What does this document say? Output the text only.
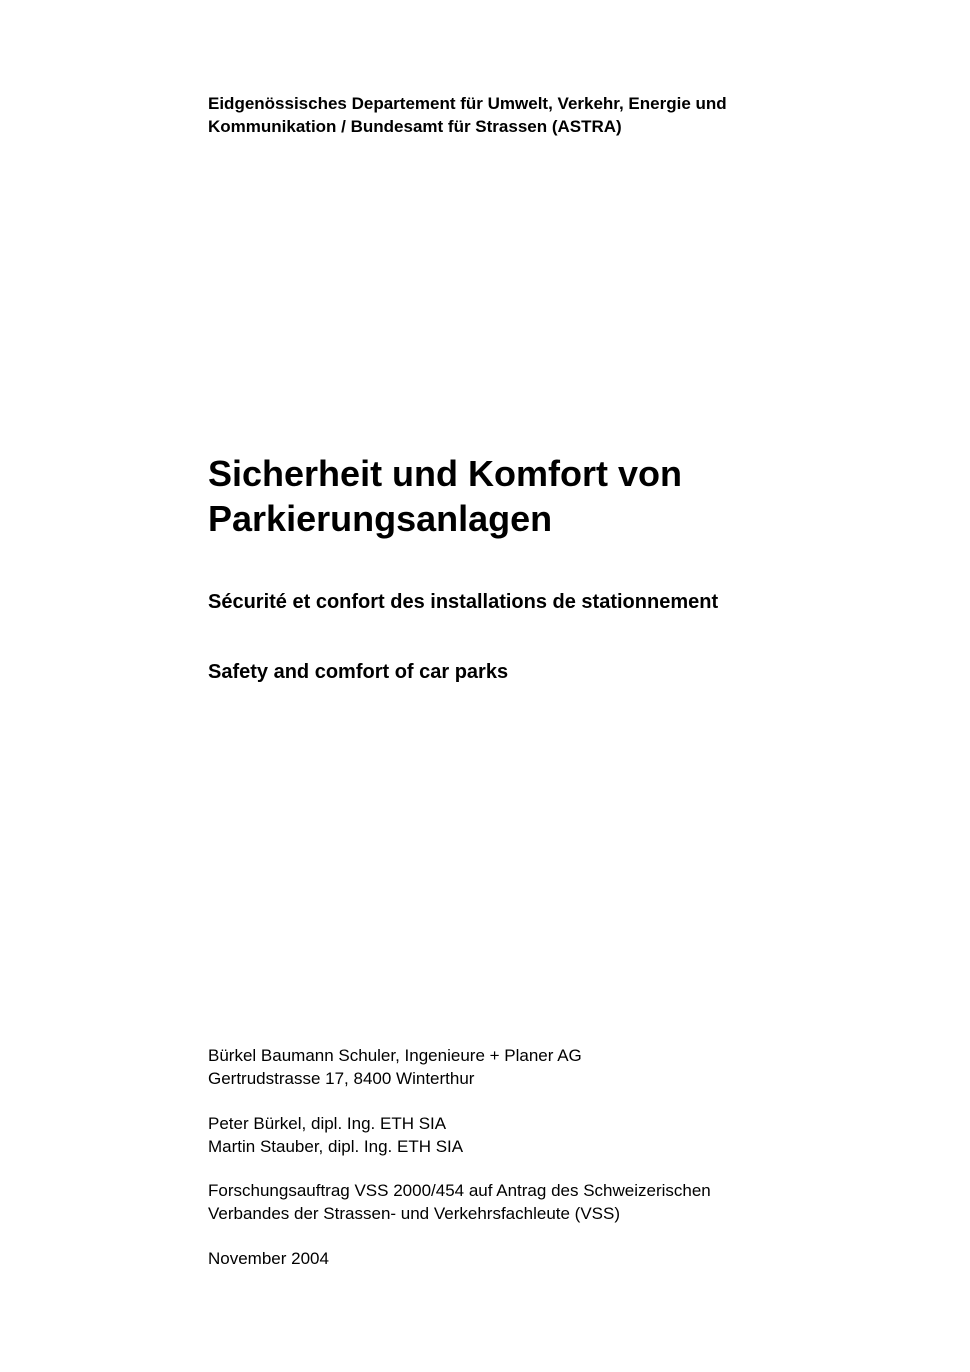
Eidgenössisches Departement für Umwelt, Verkehr, Energie und
Kommunikation / Bundesamt für Strassen (ASTRA)
Sicherheit und Komfort von
Parkierungsanlagen
Sécurité et confort des installations de stationnement
Safety and comfort of car parks
Bürkel Baumann Schuler, Ingenieure + Planer AG
Gertrudstrasse 17, 8400 Winterthur
Peter Bürkel, dipl. Ing. ETH SIA
Martin Stauber, dipl. Ing. ETH SIA
Forschungsauftrag VSS 2000/454 auf Antrag des Schweizerischen
Verbandes der Strassen- und Verkehrsfachleute (VSS)
November 2004
